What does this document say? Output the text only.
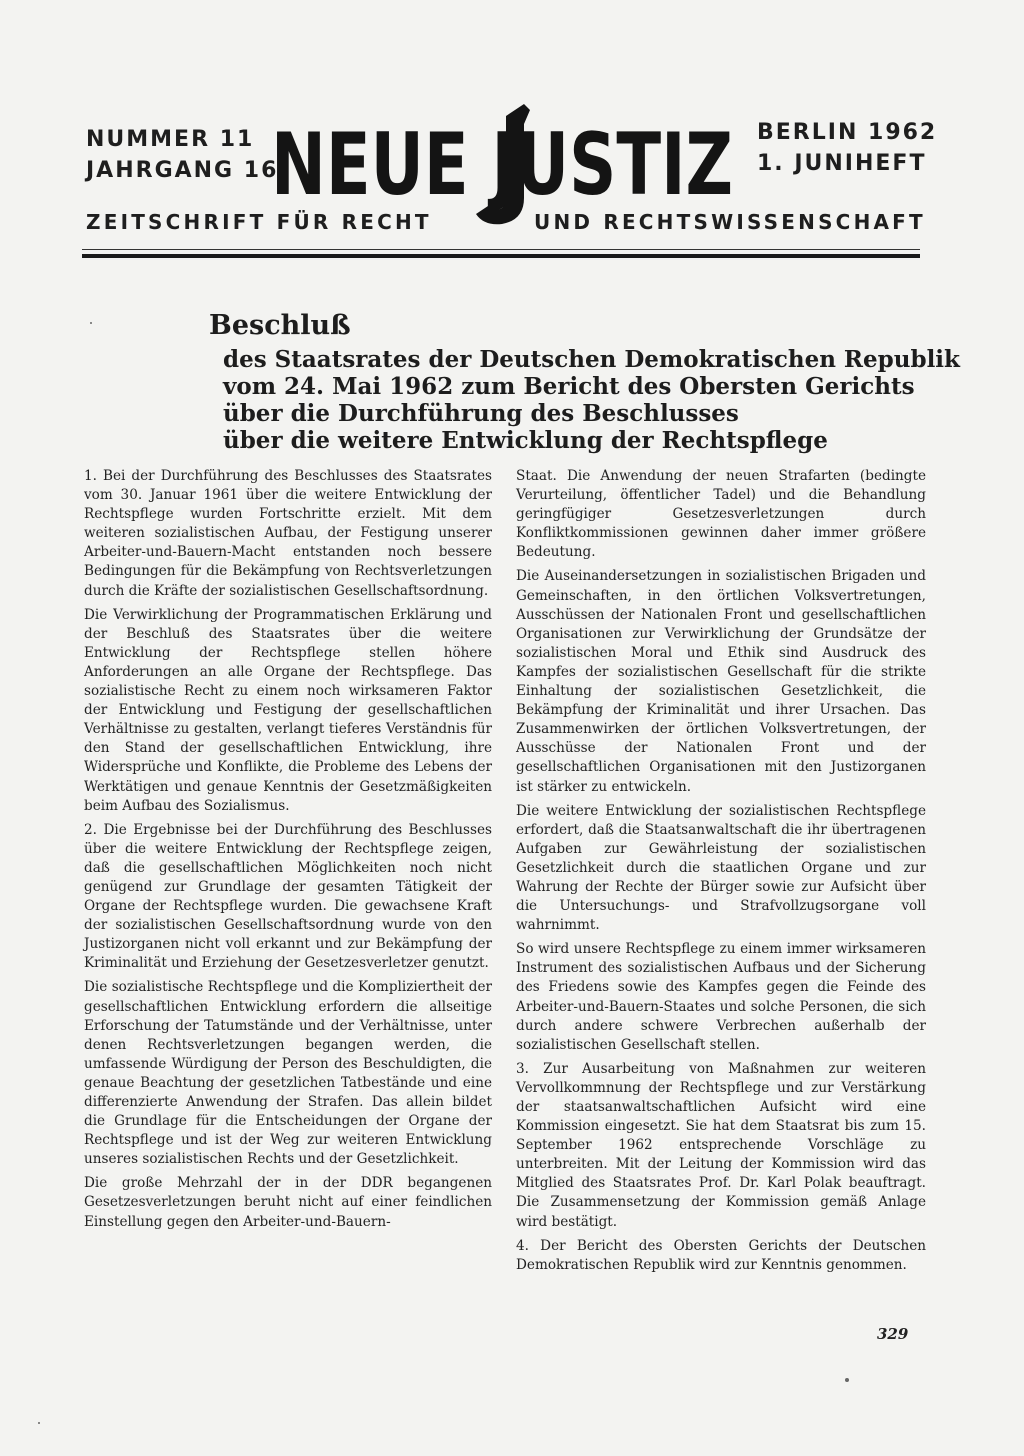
NUMMER 11
JAHRGANG 16
NEUE JUSTIZ BERLIN 1962
1. JUNIHEFT
ZEITSCHRIFT FÜR RECHT	UND RECHTSWISSENSCHAFT
Beschluß
des Staatsrates der Deutschen Demokratischen Republik
vom 24. Mai 1962 zum Bericht des Obersten Gerichts
über die Durchführung des Beschlusses
über die weitere Entwicklung der Rechtspflege

1. Bei der Durchführung des Beschlusses des Staatsrates vom 30. Januar 1961 über die weitere Entwicklung der Rechtspflege wurden Fortschritte erzielt. Mit dem weiteren sozialistischen Aufbau, der Festigung unserer Arbeiter-und-Bauern-Macht entstanden noch bessere Bedingungen für die Bekämpfung von Rechtsverletzungen durch die Kräfte der sozialistischen Gesellschaftsordnung.

Die Verwirklichung der Programmatischen Erklärung und der Beschluß des Staatsrates über die weitere Entwicklung der Rechtspflege stellen höhere Anforderungen an alle Organe der Rechtspflege. Das sozialistische Recht zu einem noch wirksameren Faktor der Entwicklung und Festigung der gesellschaftlichen Verhältnisse zu gestalten, verlangt tieferes Verständnis für den Stand der gesellschaftlichen Entwicklung, ihre Widersprüche und Konflikte, die Probleme des Lebens der Werktätigen und genaue Kenntnis der Gesetzmäßigkeiten beim Aufbau des Sozialismus.

2. Die Ergebnisse bei der Durchführung des Beschlusses über die weitere Entwicklung der Rechtspflege zeigen, daß die gesellschaftlichen Möglichkeiten noch nicht genügend zur Grundlage der gesamten Tätigkeit der Organe der Rechtspflege wurden. Die gewachsene Kraft der sozialistischen Gesellschaftsordnung wurde von den Justizorganen nicht voll erkannt und zur Bekämpfung der Kriminalität und Erziehung der Gesetzesverletzer genutzt.

Die sozialistische Rechtspflege und die Kompliziertheit der gesellschaftlichen Entwicklung erfordern die allseitige Erforschung der Tatumstände und der Verhältnisse, unter denen Rechtsverletzungen begangen werden, die umfassende Würdigung der Person des Beschuldigten, die genaue Beachtung der gesetzlichen Tatbestände und eine differenzierte Anwendung der Strafen. Das allein bildet die Grundlage für die Entscheidungen der Organe der Rechtspflege und ist der Weg zur weiteren Entwicklung unseres sozialistischen Rechts und der Gesetzlichkeit.

Die große Mehrzahl der in der DDR begangenen Gesetzesverletzungen beruht nicht auf einer feindlichen Einstellung gegen den Arbeiter-und-Bauern-

Staat. Die Anwendung der neuen Strafarten (bedingte Verurteilung, öffentlicher Tadel) und die Behandlung geringfügiger Gesetzesverletzungen durch Konfliktkommissionen gewinnen daher immer größere Bedeutung.

Die Auseinandersetzungen in sozialistischen Brigaden und Gemeinschaften, in den örtlichen Volksvertretungen, Ausschüssen der Nationalen Front und gesellschaftlichen Organisationen zur Verwirklichung der Grundsätze der sozialistischen Moral und Ethik sind Ausdruck des Kampfes der sozialistischen Gesellschaft für die strikte Einhaltung der sozialistischen Gesetzlichkeit, die Bekämpfung der Kriminalität und ihrer Ursachen. Das Zusammenwirken der örtlichen Volksvertretungen, der Ausschüsse der Nationalen Front und der gesellschaftlichen Organisationen mit den Justizorganen ist stärker zu entwickeln.

Die weitere Entwicklung der sozialistischen Rechtspflege erfordert, daß die Staatsanwaltschaft die ihr übertragenen Aufgaben zur Gewährleistung der sozialistischen Gesetzlichkeit durch die staatlichen Organe und zur Wahrung der Rechte der Bürger sowie zur Aufsicht über die Untersuchungs- und Strafvollzugsorgane voll wahrnimmt.

So wird unsere Rechtspflege zu einem immer wirksameren Instrument des sozialistischen Aufbaus und der Sicherung des Friedens sowie des Kampfes gegen die Feinde des Arbeiter-und-Bauern-Staates und solche Personen, die sich durch andere schwere Verbrechen außerhalb der sozialistischen Gesellschaft stellen.

3. Zur Ausarbeitung von Maßnahmen zur weiteren Vervollkommnung der Rechtspflege und zur Verstärkung der staatsanwaltschaftlichen Aufsicht wird eine Kommission eingesetzt. Sie hat dem Staatsrat bis zum 15. September 1962 entsprechende Vorschläge zu unterbreiten. Mit der Leitung der Kommission wird das Mitglied des Staatsrates Prof. Dr. Karl Polak beauftragt. Die Zusammensetzung der Kommission gemäß Anlage wird bestätigt.

4. Der Bericht des Obersten Gerichts der Deutschen Demokratischen Republik wird zur Kenntnis genommen.

329
